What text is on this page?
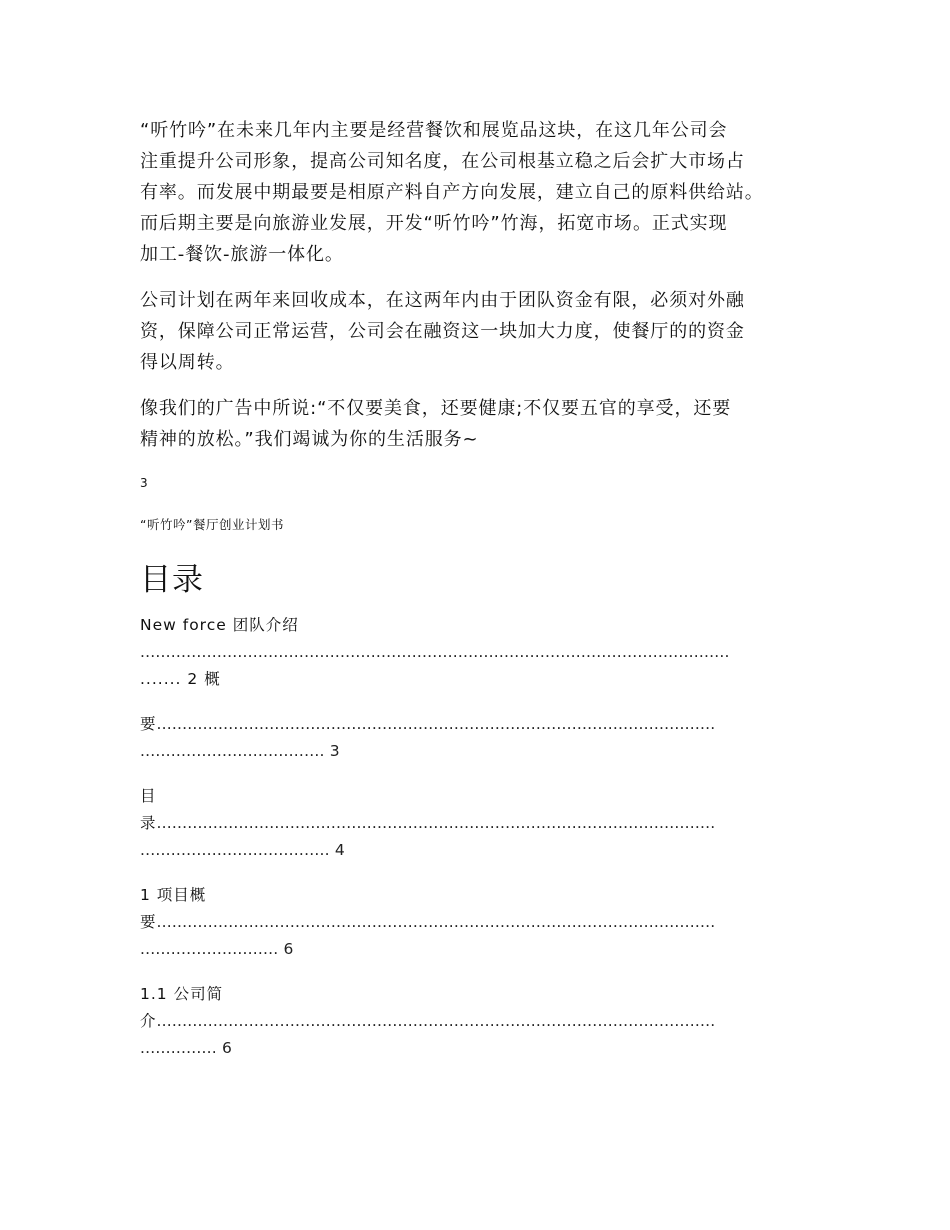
“听竹吟”在未来几年内主要是经营餐饮和展览品这块，在这几年公司会
注重提升公司形象，提高公司知名度，在公司根基立稳之后会扩大市场占
有率。而发展中期最要是相原产料自产方向发展，建立自己的原料供给站。
而后期主要是向旅游业发展，开发“听竹吟”竹海，拓宽市场。正式实现
加工-餐饮-旅游一体化。

公司计划在两年来回收成本，在这两年内由于团队资金有限，必须对外融
资，保障公司正常运营，公司会在融资这一块加大力度，使餐厅的的资金
得以周转。

像我们的广告中所说:“不仅要美食，还要健康;不仅要五官的享受，还要
精神的放松。”我们竭诚为你的生活服务~

3
“听竹吟”餐厅创业计划书
目录
New force 团队介绍
...................................................................................................................
....... 2 概
要.............................................................................................................
.................................... 3
目
录.............................................................................................................
..................................... 4
1 项目概
要.............................................................................................................
........................... 6
1.1 公司简
介.............................................................................................................
............... 6
